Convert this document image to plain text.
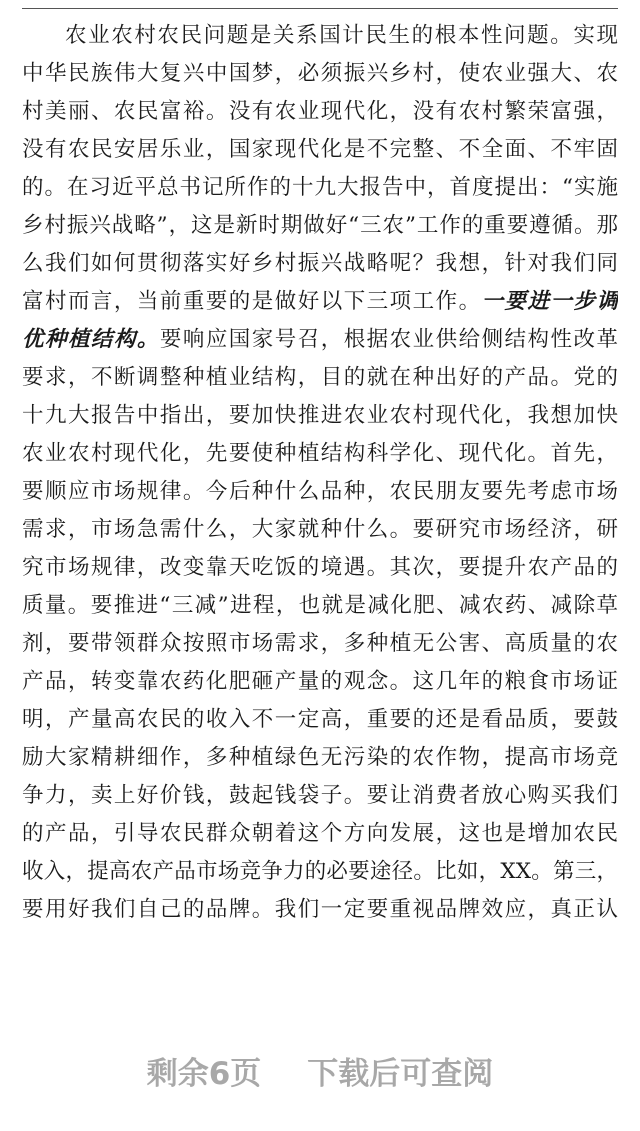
农业农村农民问题是关系国计民生的根本性问题。实现
中华民族伟大复兴中国梦，必须振兴乡村，使农业强大、农
村美丽、农民富裕。没有农业现代化，没有农村繁荣富强，
没有农民安居乐业，国家现代化是不完整、不全面、不牢固
的。在习近平总书记所作的十九大报告中，首度提出：“实施
乡村振兴战略”，这是新时期做好“三农”工作的重要遵循。那
么我们如何贯彻落实好乡村振兴战略呢？我想，针对我们同
富村而言，当前重要的是做好以下三项工作。一要进一步调
优种植结构。要响应国家号召，根据农业供给侧结构性改革
要求，不断调整种植业结构，目的就在种出好的产品。党的
十九大报告中指出，要加快推进农业农村现代化，我想加快
农业农村现代化，先要使种植结构科学化、现代化。首先，
要顺应市场规律。今后种什么品种，农民朋友要先考虑市场
需求，市场急需什么，大家就种什么。要研究市场经济，研
究市场规律，改变靠天吃饭的境遇。其次，要提升农产品的
质量。要推进“三减”进程，也就是减化肥、减农药、减除草
剂，要带领群众按照市场需求，多种植无公害、高质量的农
产品，转变靠农药化肥砸产量的观念。这几年的粮食市场证
明，产量高农民的收入不一定高，重要的还是看品质，要鼓
励大家精耕细作，多种植绿色无污染的农作物，提高市场竞
争力，卖上好价钱，鼓起钱袋子。要让消费者放心购买我们
的产品，引导农民群众朝着这个方向发展，这也是增加农民
收入，提高农产品市场竞争力的必要途径。比如，XX。第三，
要用好我们自己的品牌。我们一定要重视品牌效应，真正认
剩余6页 下载后可查阅
